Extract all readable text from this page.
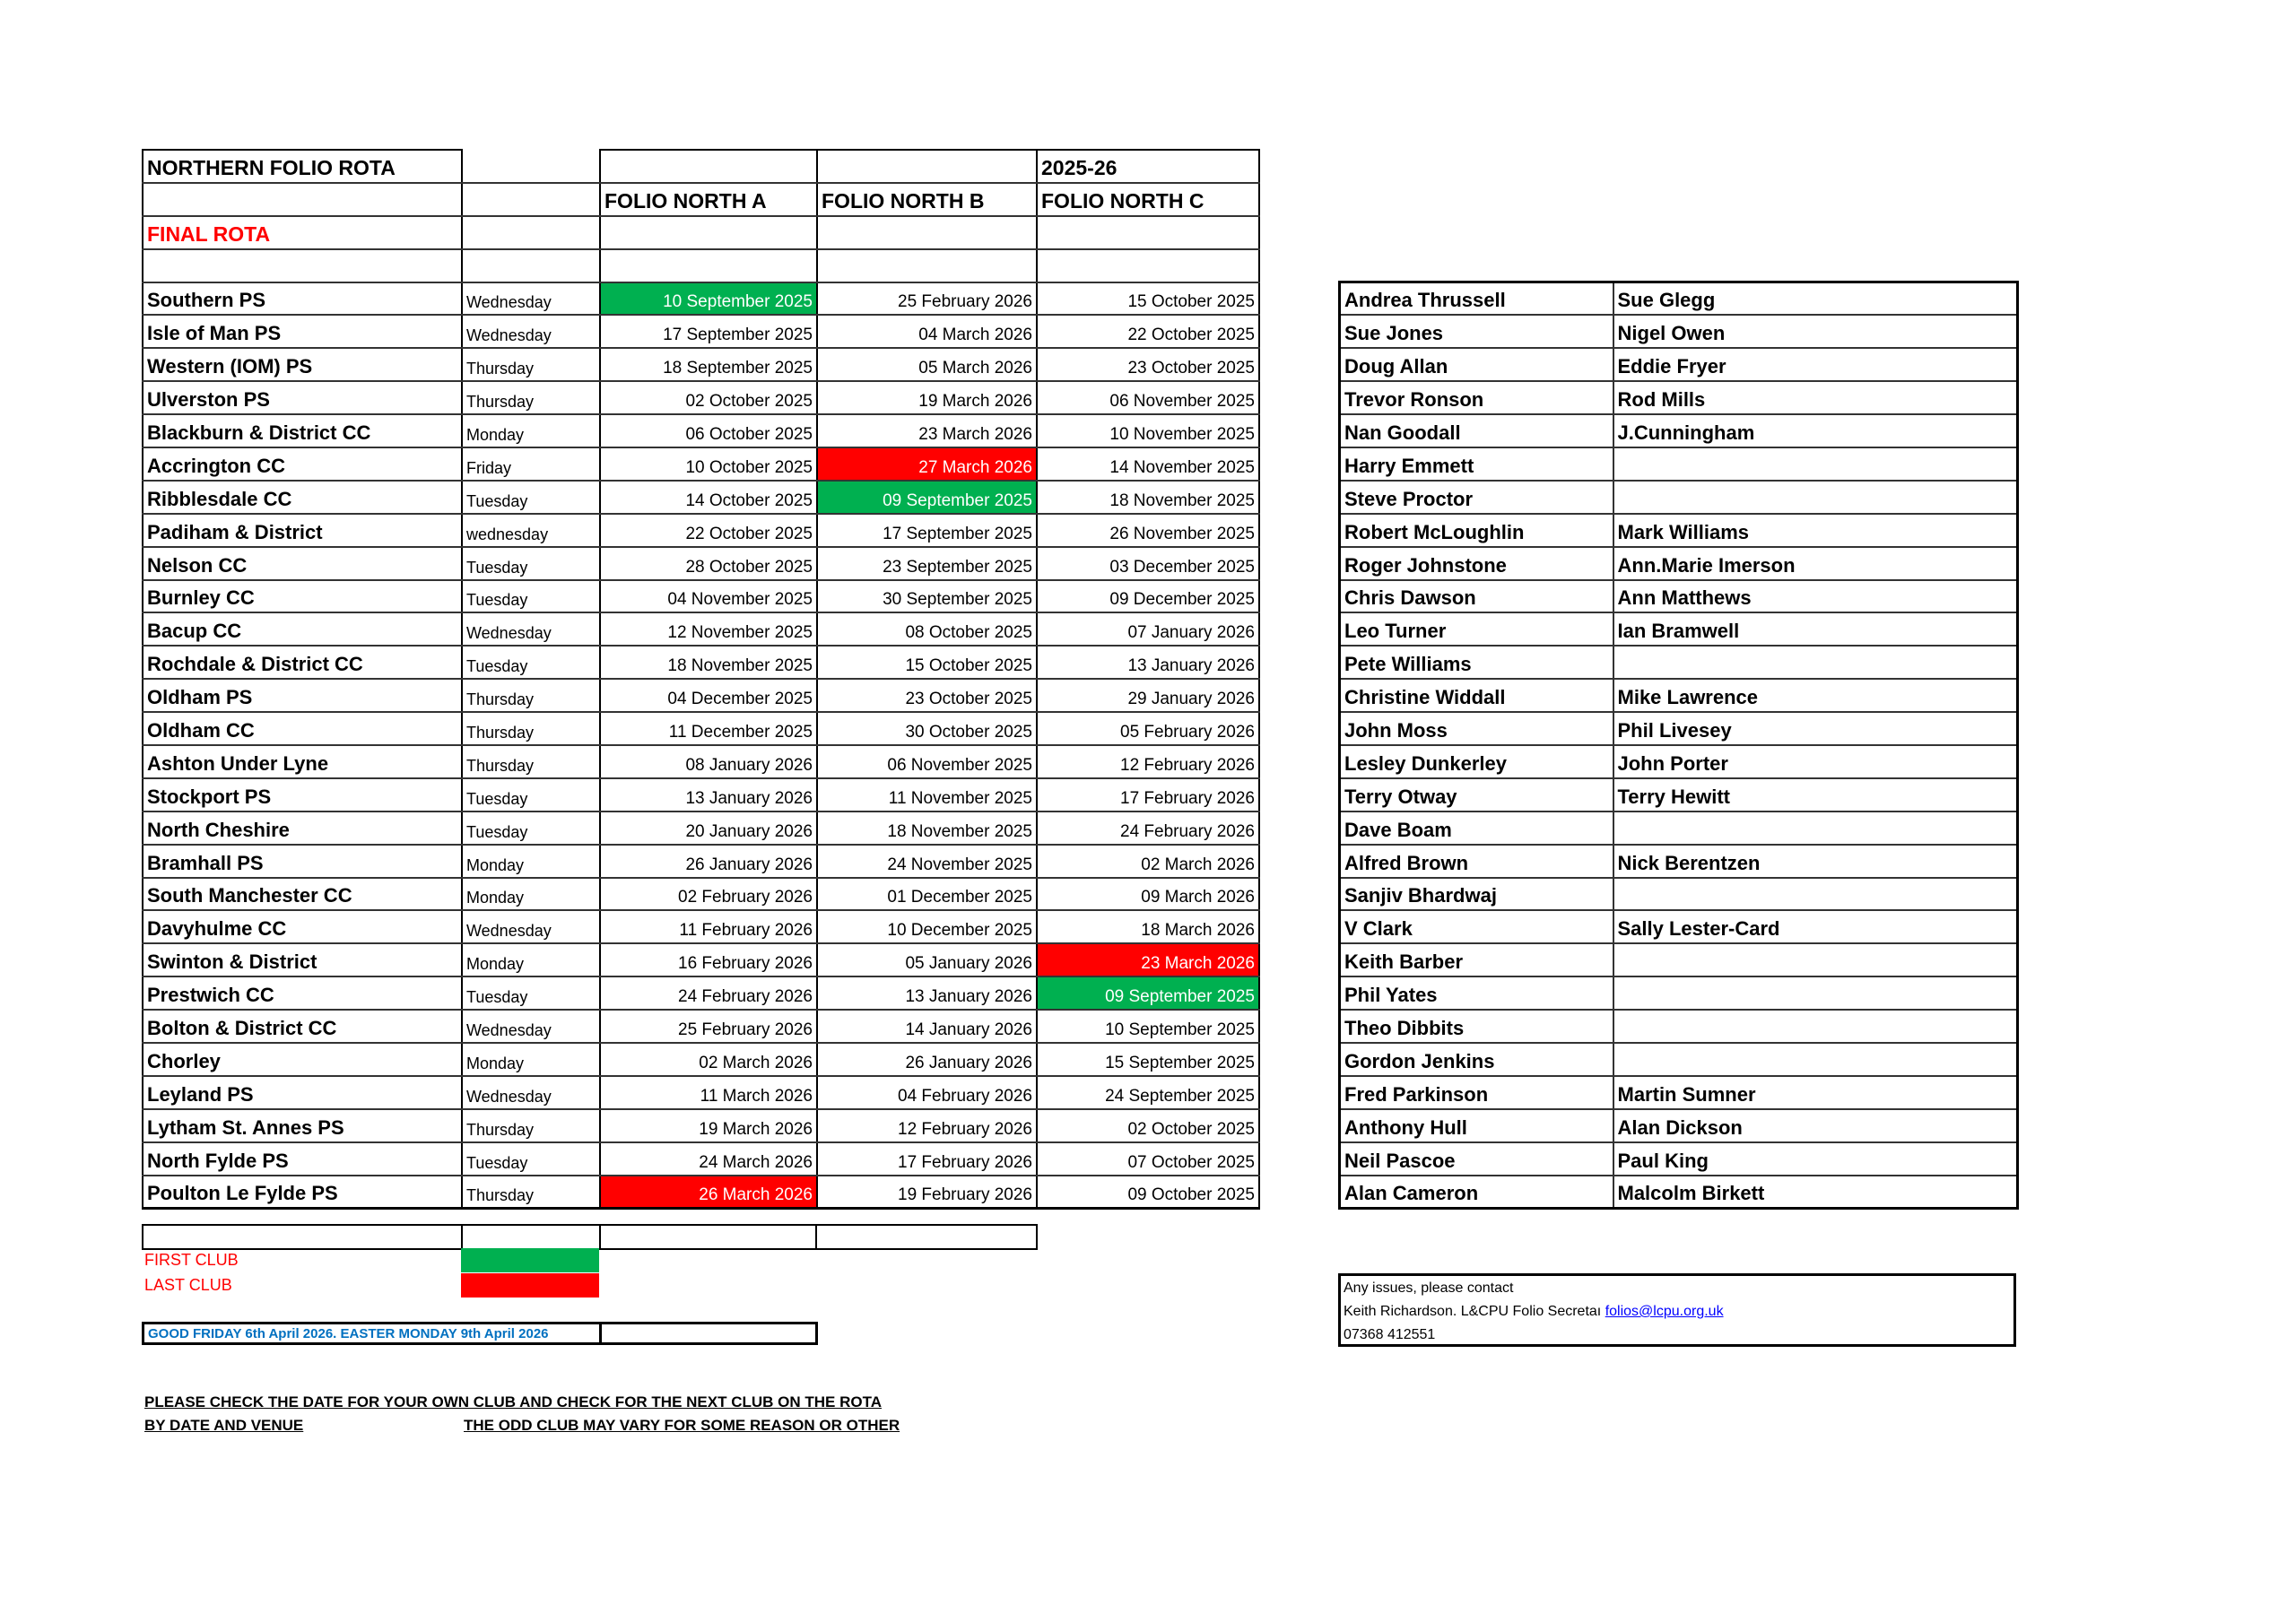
NORTHERN FOLIO ROTA				2025-26
		FOLIO NORTH A	FOLIO NORTH B	FOLIO NORTH C
FINAL ROTA				

Southern PS	Wednesday	10 September 2025	25 February 2026	15 October 2025
Isle of Man PS	Wednesday	17 September 2025	04 March 2026	22 October 2025
Western (IOM) PS	Thursday	18 September 2025	05 March 2026	23 October 2025
Ulverston PS	Thursday	02 October 2025	19 March 2026	06 November 2025
Blackburn & District CC	Monday	06 October 2025	23 March 2026	10 November 2025
Accrington CC	Friday	10 October 2025	27 March 2026	14 November 2025
Ribblesdale CC	Tuesday	14 October 2025	09 September 2025	18 November 2025
Padiham & District	wednesday	22 October 2025	17 September 2025	26 November 2025
Nelson CC	Tuesday	28 October 2025	23 September 2025	03 December 2025
Burnley CC	Tuesday	04 November 2025	30 September 2025	09 December 2025
Bacup CC	Wednesday	12 November 2025	08 October 2025	07 January 2026
Rochdale & District CC	Tuesday	18 November 2025	15 October 2025	13 January 2026
Oldham PS	Thursday	04 December 2025	23 October 2025	29 January 2026
Oldham CC	Thursday	11 December 2025	30 October 2025	05 February 2026
Ashton Under Lyne	Thursday	08 January 2026	06 November 2025	12 February 2026
Stockport PS	Tuesday	13 January 2026	11 November 2025	17 February 2026
North Cheshire	Tuesday	20 January 2026	18 November 2025	24 February 2026
Bramhall PS	Monday	26 January 2026	24 November 2025	02 March 2026
South Manchester CC	Monday	02 February 2026	01 December 2025	09 March 2026
Davyhulme CC	Wednesday	11 February 2026	10 December 2025	18 March 2026
Swinton & District	Monday	16 February 2026	05 January 2026	23 March 2026
Prestwich CC	Tuesday	24 February 2026	13 January 2026	09 September 2025
Bolton & District CC	Wednesday	25 February 2026	14 January 2026	10 September 2025
Chorley	Monday	02 March 2026	26 January 2026	15 September 2025
Leyland PS	Wednesday	11 March 2026	04 February 2026	24 September 2025
Lytham St. Annes PS	Thursday	19 March 2026	12 February 2026	02 October 2025
North Fylde PS	Tuesday	24 March 2026	17 February 2026	07 October 2025
Poulton Le Fylde PS	Thursday	26 March 2026	19 February 2026	09 October 2025
Andrea Thrussell	Sue Glegg
Sue Jones	Nigel Owen
Doug Allan	Eddie Fryer
Trevor Ronson	Rod Mills
Nan Goodall	J.Cunningham
Harry Emmett	
Steve Proctor	
Robert McLoughlin	Mark Williams
Roger Johnstone	Ann.Marie Imerson
Chris Dawson	Ann Matthews
Leo Turner	Ian Bramwell
Pete Williams	
Christine Widdall	Mike Lawrence
John Moss	Phil Livesey
Lesley Dunkerley	John Porter
Terry Otway	Terry Hewitt
Dave Boam	
Alfred Brown	Nick Berentzen
Sanjiv Bhardwaj	
V Clark	Sally Lester-Card
Keith Barber	
Phil Yates	
Theo Dibbits	
Gordon Jenkins	
Fred Parkinson	Martin Sumner
Anthony Hull	Alan Dickson
Neil Pascoe	Paul King
Alan Cameron	Malcolm Birkett

FIRST CLUB
LAST CLUB
GOOD FRIDAY 6th April 2026. EASTER MONDAY 9th April 2026	
Any issues, please contact
Keith Richardson. L&CPU Folio Secretaı folios@lcpu.org.uk
07368 412551
PLEASE CHECK THE DATE FOR YOUR OWN CLUB AND CHECK FOR THE NEXT CLUB ON THE ROTA
BY DATE AND VENUE	THE ODD CLUB MAY VARY FOR SOME REASON OR OTHER
